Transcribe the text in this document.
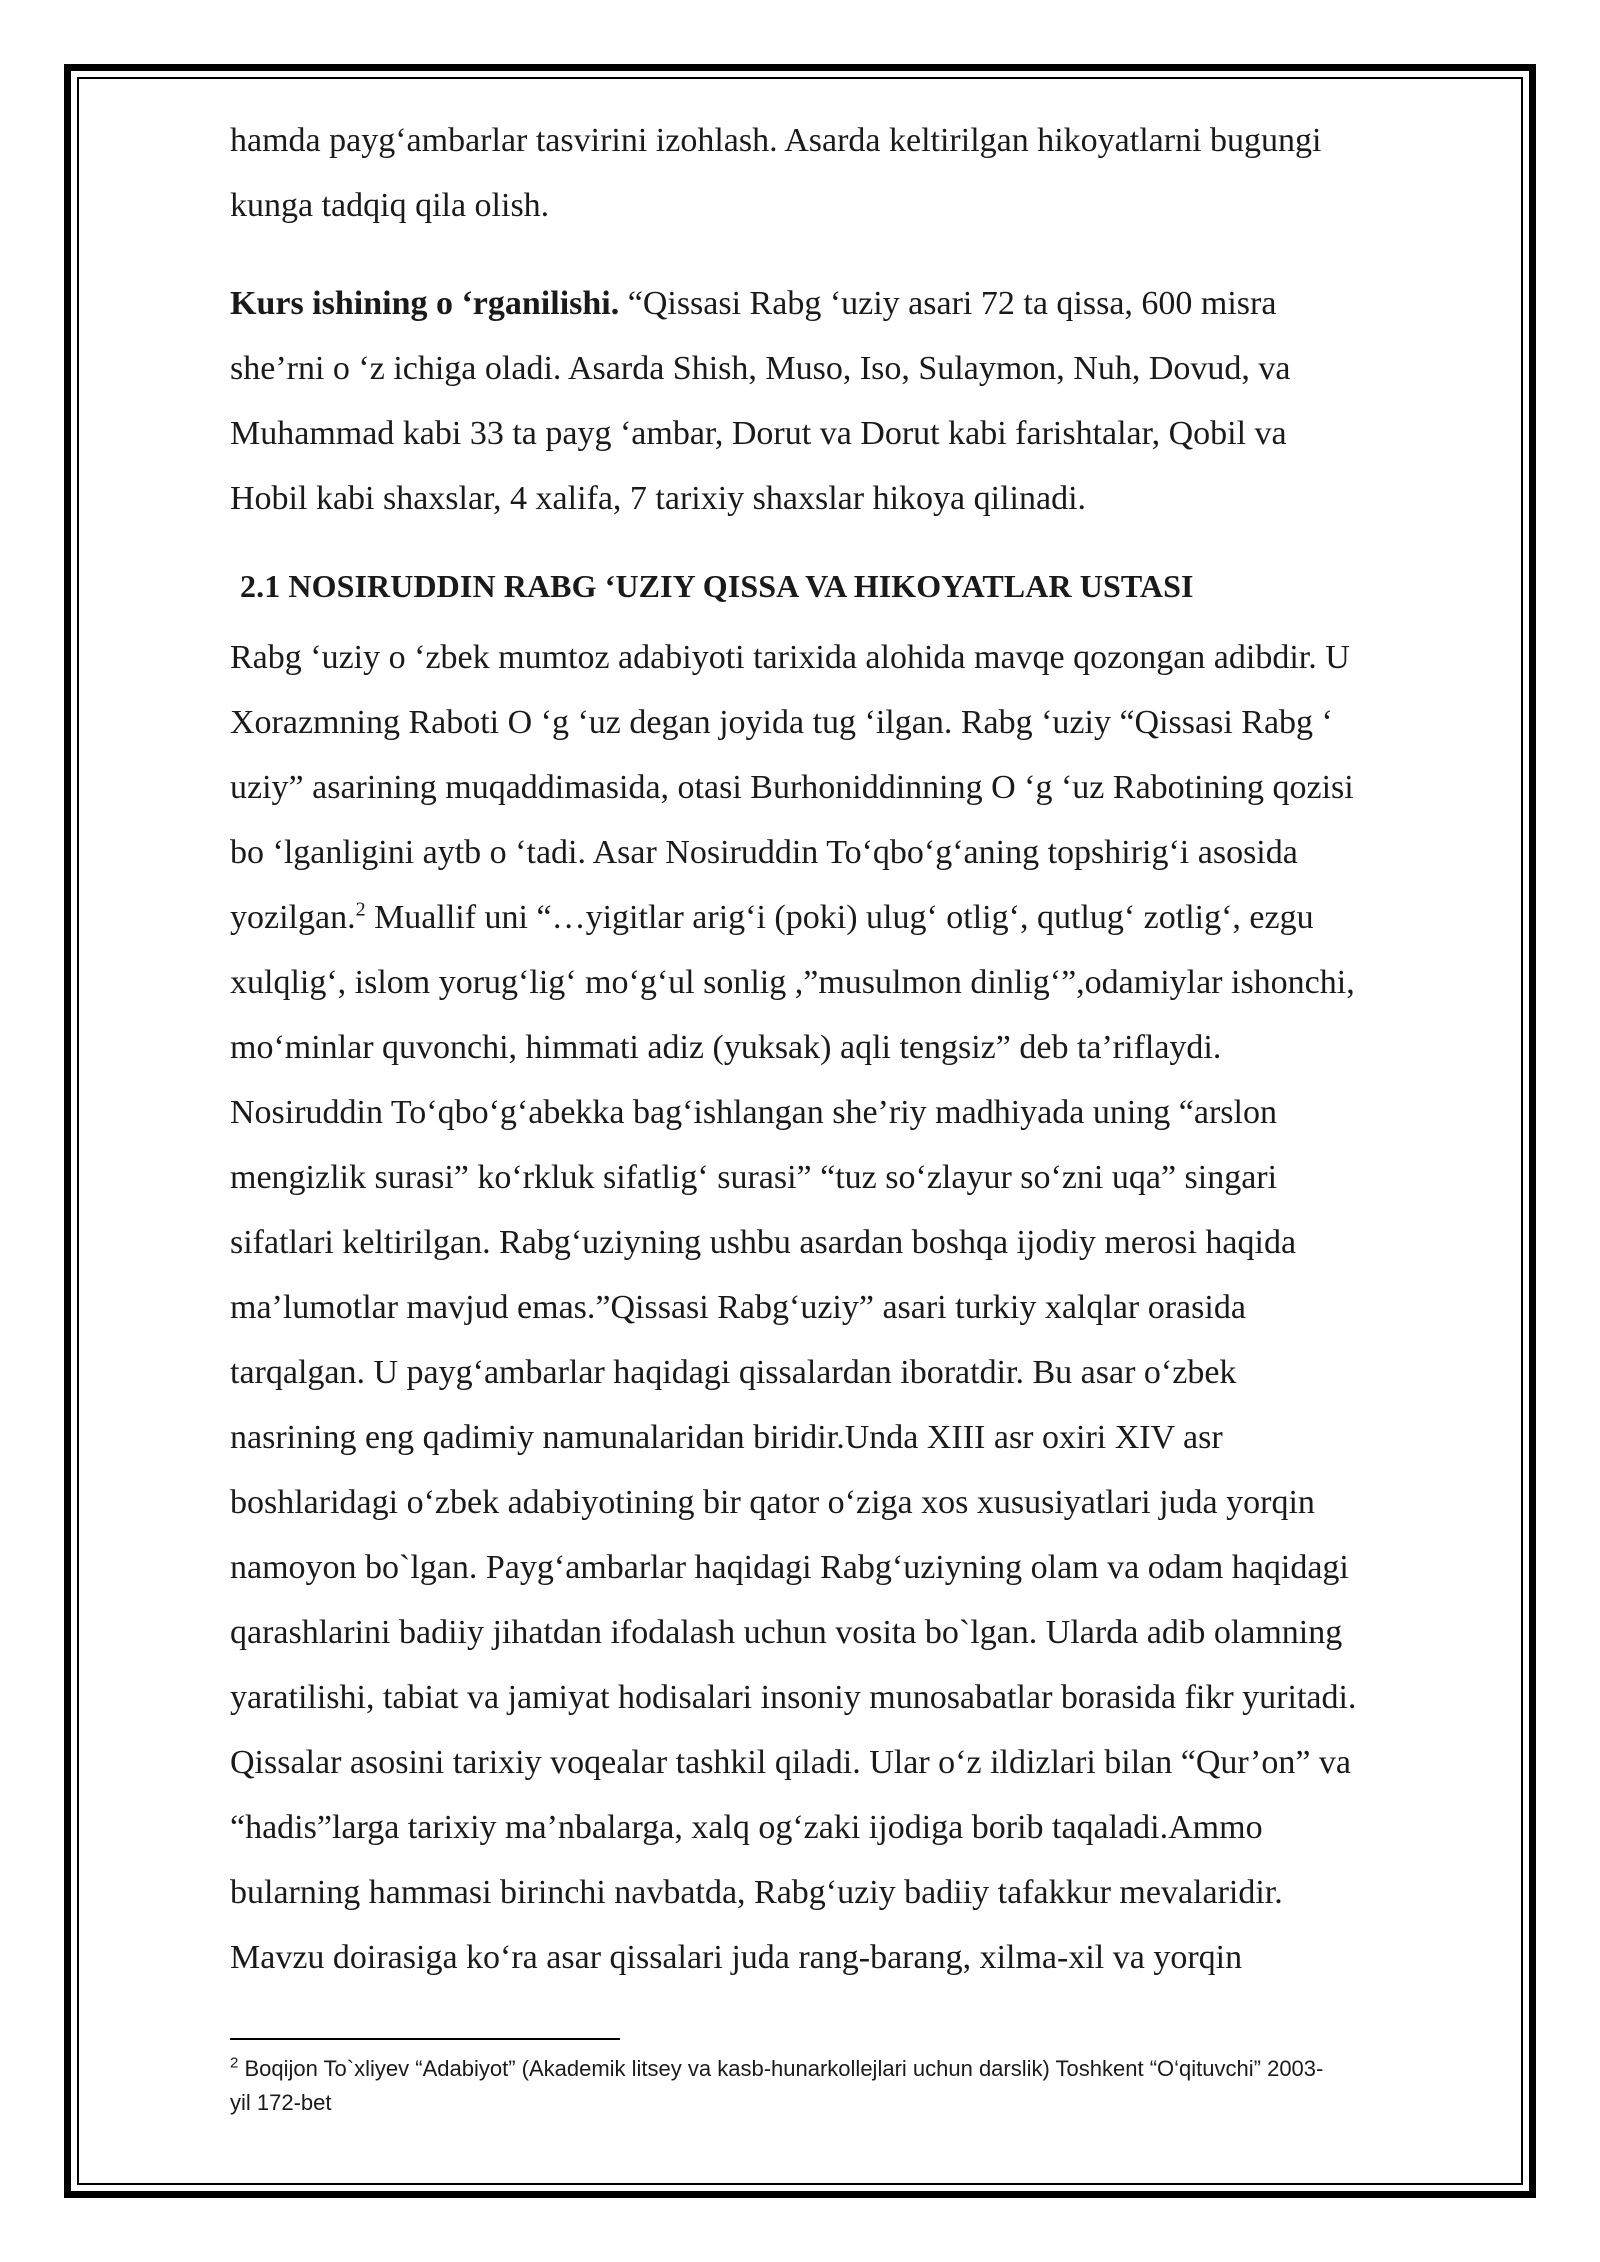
hamda payg‘ambarlar tasvirini izohlash. Asarda keltirilgan hikoyatlarni bugungi
kunga tadqiq qila olish.

Kurs ishining o ‘rganilishi. “Qissasi Rabg ‘uziy asari 72 ta qissa, 600 misra
she’rni o ‘z ichiga oladi. Asarda Shish, Muso, Iso, Sulaymon, Nuh, Dovud, va
Muhammad kabi 33 ta payg ‘ambar, Dorut va Dorut kabi farishtalar, Qobil va
Hobil kabi shaxslar, 4 xalifa, 7 tarixiy shaxslar hikoya qilinadi.

2.1 NOSIRUDDIN RABG ‘UZIY QISSA VA HIKOYATLAR USTASI

Rabg ‘uziy o ‘zbek mumtoz adabiyoti tarixida alohida mavqe qozongan adibdir. U
Xorazmning Raboti O ‘g ‘uz degan joyida tug ‘ilgan. Rabg ‘uziy “Qissasi Rabg ‘
uziy” asarining muqaddimasida, otasi Burhoniddinning O ‘g ‘uz Rabotining qozisi
bo ‘lganligini aytb o ‘tadi. Asar Nosiruddin To‘qbo‘g‘aning topshirig‘i asosida
yozilgan.$^2$ Muallif uni “…yigitlar arig‘i (poki) ulug‘ otlig‘, qutlug‘ zotlig‘, ezgu
xulqlig‘, islom yorug‘lig‘ mo‘g‘ul sonlig ,”musulmon dinlig‘”,odamiylar ishonchi,
mo‘minlar quvonchi, himmati adiz (yuksak) aqli tengsiz” deb ta’riflaydi.
Nosiruddin To‘qbo‘g‘abekka bag‘ishlangan she’riy madhiyada uning “arslon
mengizlik surasi” ko‘rkluk sifatlig‘ surasi” “tuz so‘zlayur so‘zni uqa” singari
sifatlari keltirilgan. Rabg‘uziyning ushbu asardan boshqa ijodiy merosi haqida
ma’lumotlar mavjud emas.”Qissasi Rabg‘uziy” asari turkiy xalqlar orasida
tarqalgan. U payg‘ambarlar haqidagi qissalardan iboratdir. Bu asar o‘zbek
nasrining eng qadimiy namunalaridan biridir.Unda XIII asr oxiri XIV asr
boshlaridagi o‘zbek adabiyotining bir qator o‘ziga xos xususiyatlari juda yorqin
namoyon bo`lgan. Payg‘ambarlar haqidagi Rabg‘uziyning olam va odam haqidagi
qarashlarini badiiy jihatdan ifodalash uchun vosita bo`lgan. Ularda adib olamning
yaratilishi, tabiat va jamiyat hodisalari insoniy munosabatlar borasida fikr yuritadi.
Qissalar asosini tarixiy voqealar tashkil qiladi. Ular o‘z ildizlari bilan “Qur’on” va
“hadis”larga tarixiy ma’nbalarga, xalq og‘zaki ijodiga borib taqaladi.Ammo
bularning hammasi birinchi navbatda, Rabg‘uziy badiiy tafakkur mevalaridir.
Mavzu doirasiga ko‘ra asar qissalari juda rang-barang, xilma-xil va yorqin

$^2$ Boqijon To`xliyev “Adabiyot” (Akademik litsey va kasb-hunarkollejlari uchun darslik) Toshkent “O‘qituvchi” 2003-
yil 172-bet
